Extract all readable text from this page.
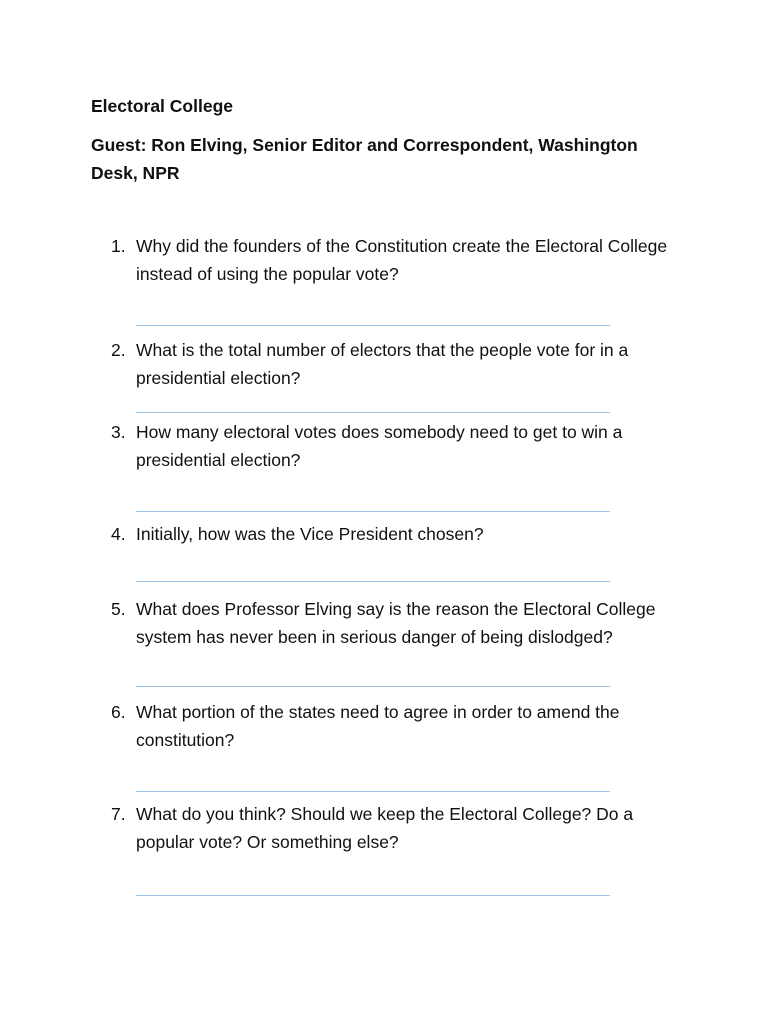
Electoral College

Guest: Ron Elving, Senior Editor and Correspondent, Washington Desk, NPR

1. Why did the founders of the Constitution create the Electoral College instead of using the popular vote?
2. What is the total number of electors that the people vote for in a presidential election?
3. How many electoral votes does somebody need to get to win a presidential election?
4. Initially, how was the Vice President chosen?
5. What does Professor Elving say is the reason the Electoral College system has never been in serious danger of being dislodged?
6. What portion of the states need to agree in order to amend the constitution?
7. What do you think? Should we keep the Electoral College? Do a popular vote? Or something else?
